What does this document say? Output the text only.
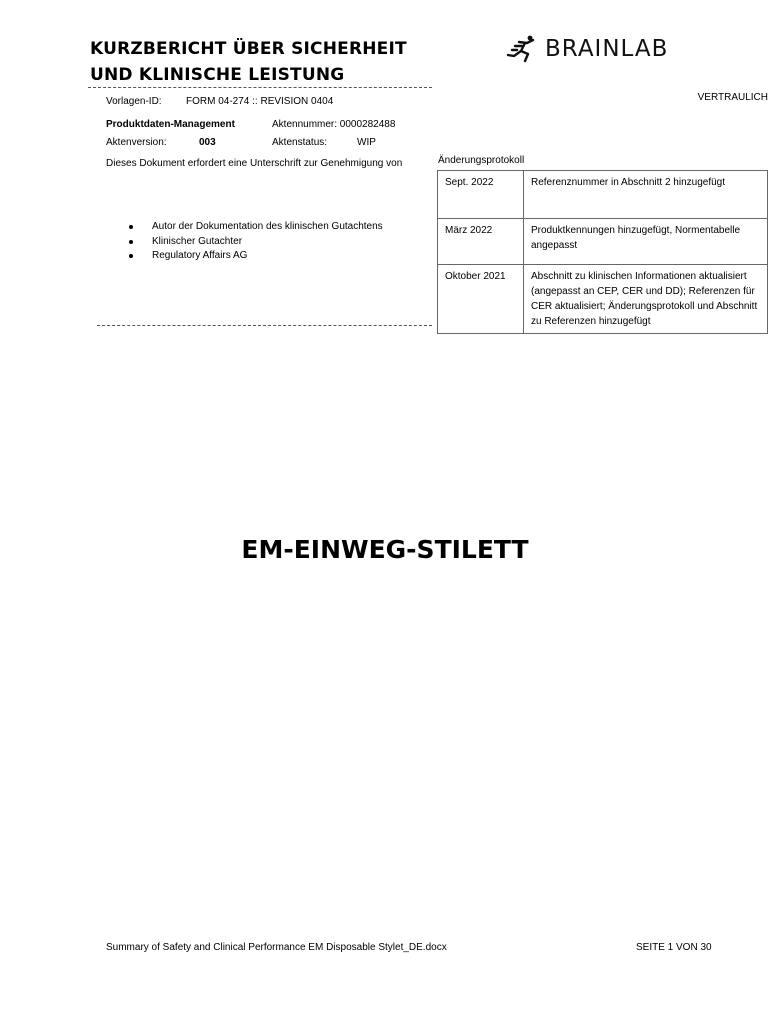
KURZBERICHT ÜBER SICHERHEIT
UND KLINISCHE LEISTUNG
BRAINLAB
VERTRAULICH
Vorlagen-ID: FORM 04-274 :: REVISION 0404
Produktdaten-Management	Aktennummer: 0000282488
Aktenversion:	003	Aktenstatus:	WIP
Dieses Dokument erfordert eine Unterschrift zur Genehmigung von
Autor der Dokumentation des klinischen Gutachtens
Klinischer Gutachter
Regulatory Affairs AG
Änderungsprotokoll
Sept. 2022	Referenznummer in Abschnitt 2 hinzugefügt
März 2022	Produktkennungen hinzugefügt, Normentabelle angepasst
Oktober 2021	Abschnitt zu klinischen Informationen aktualisiert (angepasst an CEP, CER und DD); Referenzen für CER aktualisiert; Änderungsprotokoll und Abschnitt zu Referenzen hinzugefügt
EM-EINWEG-STILETT
Summary of Safety and Clinical Performance EM Disposable Stylet_DE.docx	SEITE 1 VON 30
